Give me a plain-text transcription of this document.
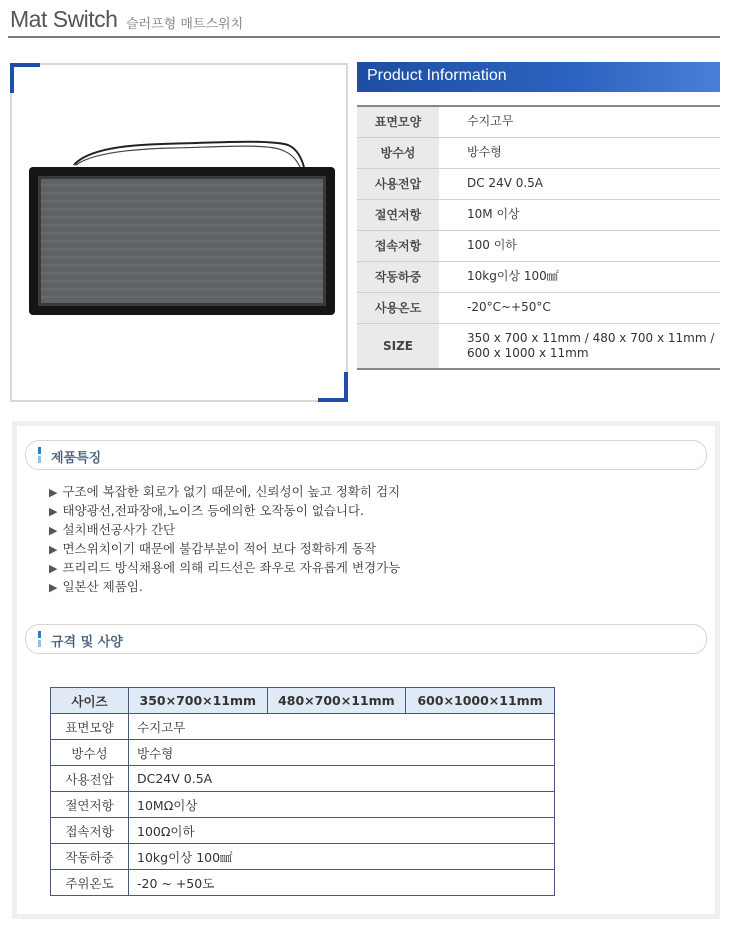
Mat Switch 슬러프형 매트스위치
Product Information
표면모양	수지고무
방수성	방수형
사용전압	DC 24V 0.5A
절연저항	10M 이상
접속저항	100 이하
작동하중	10kg이상 100㎟
사용온도	-20°C~+50°C
SIZE	350 x 700 x 11mm / 480 x 700 x 11mm / 600 x 1000 x 11mm
제품특징
▶ 구조에 복잡한 회로가 없기 때문에, 신뢰성이 높고 정확히 검지
▶ 태양광선,전파장애,노이즈 등에의한 오작동이 없습니다.
▶ 설치배선공사가 간단
▶ 면스위치이기 때문에 불감부분이 적어 보다 정확하게 동작
▶ 프리리드 방식채용에 의해 리드선은 좌우로 자유롭게 변경가능
▶ 일본산 제품임.
규격 및 사양
사이즈	350×700×11mm	480×700×11mm	600×1000×11mm
표면모양	수지고무		
방수성	방수형		
사용전압	DC24V 0.5A		
절연저항	10MΩ이상		
접속저항	100Ω이하		
작동하중	10kg이상 100㎟		
주위온도	-20 ~ +50도		
